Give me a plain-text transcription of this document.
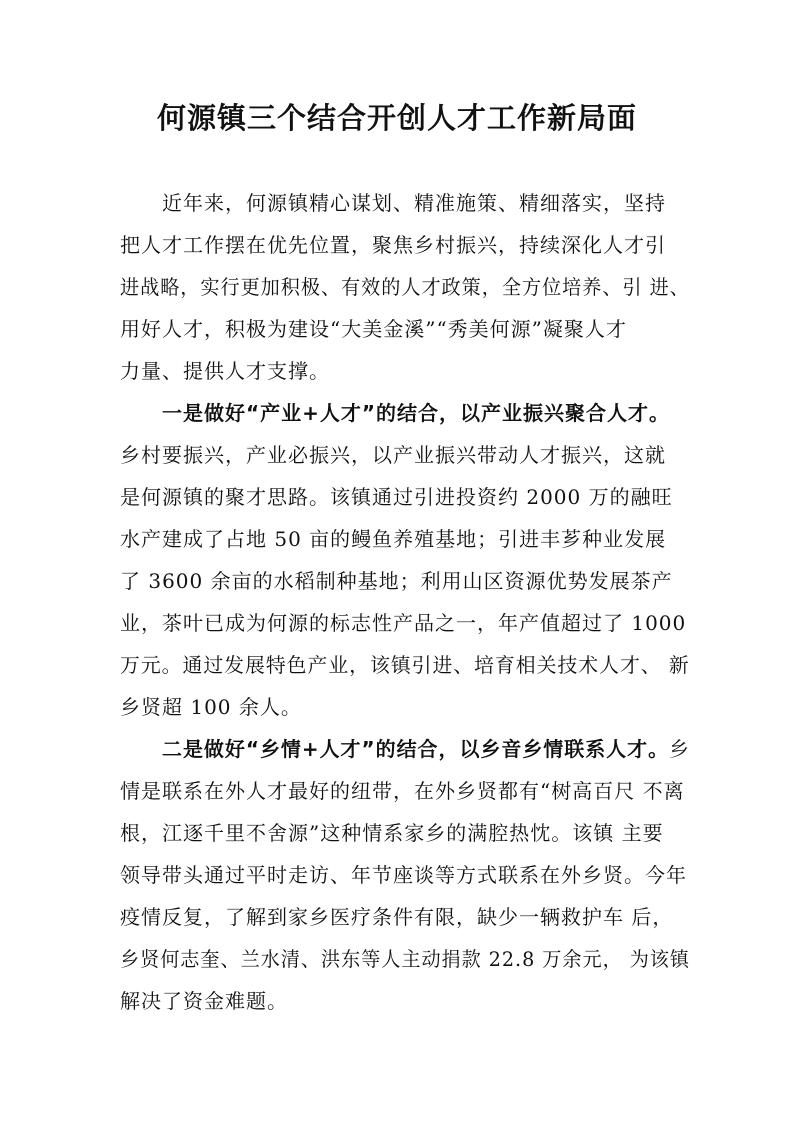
何源镇三个结合开创人才工作新局面
近年来，何源镇精心谋划、精准施策、精细落实，坚持
把人才工作摆在优先位置，聚焦乡村振兴，持续深化人才引
进战略，实行更加积极、有效的人才政策，全方位培养、引 进、
用好人才，积极为建设“大美金溪”“秀美何源”凝聚人才
力量、提供人才支撑。
一是做好“产业+人才”的结合，以产业振兴聚合人才。
乡村要振兴，产业必振兴，以产业振兴带动人才振兴，这就
是何源镇的聚才思路。该镇通过引进投资约 2000 万的融旺
水产建成了占地 50 亩的鳗鱼养殖基地；引进丰芗种业发展
了 3600 余亩的水稻制种基地；利用山区资源优势发展茶产
业，茶叶已成为何源的标志性产品之一，年产值超过了 1000
万元。通过发展特色产业，该镇引进、培育相关技术人才、 新
乡贤超 100 余人。
二是做好“乡情+人才”的结合，以乡音乡情联系人才。乡
情是联系在外人才最好的纽带，在外乡贤都有“树高百尺 不离
根，江逐千里不舍源”这种情系家乡的满腔热忱。该镇 主要
领导带头通过平时走访、年节座谈等方式联系在外乡贤。今年
疫情反复，了解到家乡医疗条件有限，缺少一辆救护车 后，
乡贤何志奎、兰水清、洪东等人主动捐款 22.8 万余元， 为该镇
解决了资金难题。
